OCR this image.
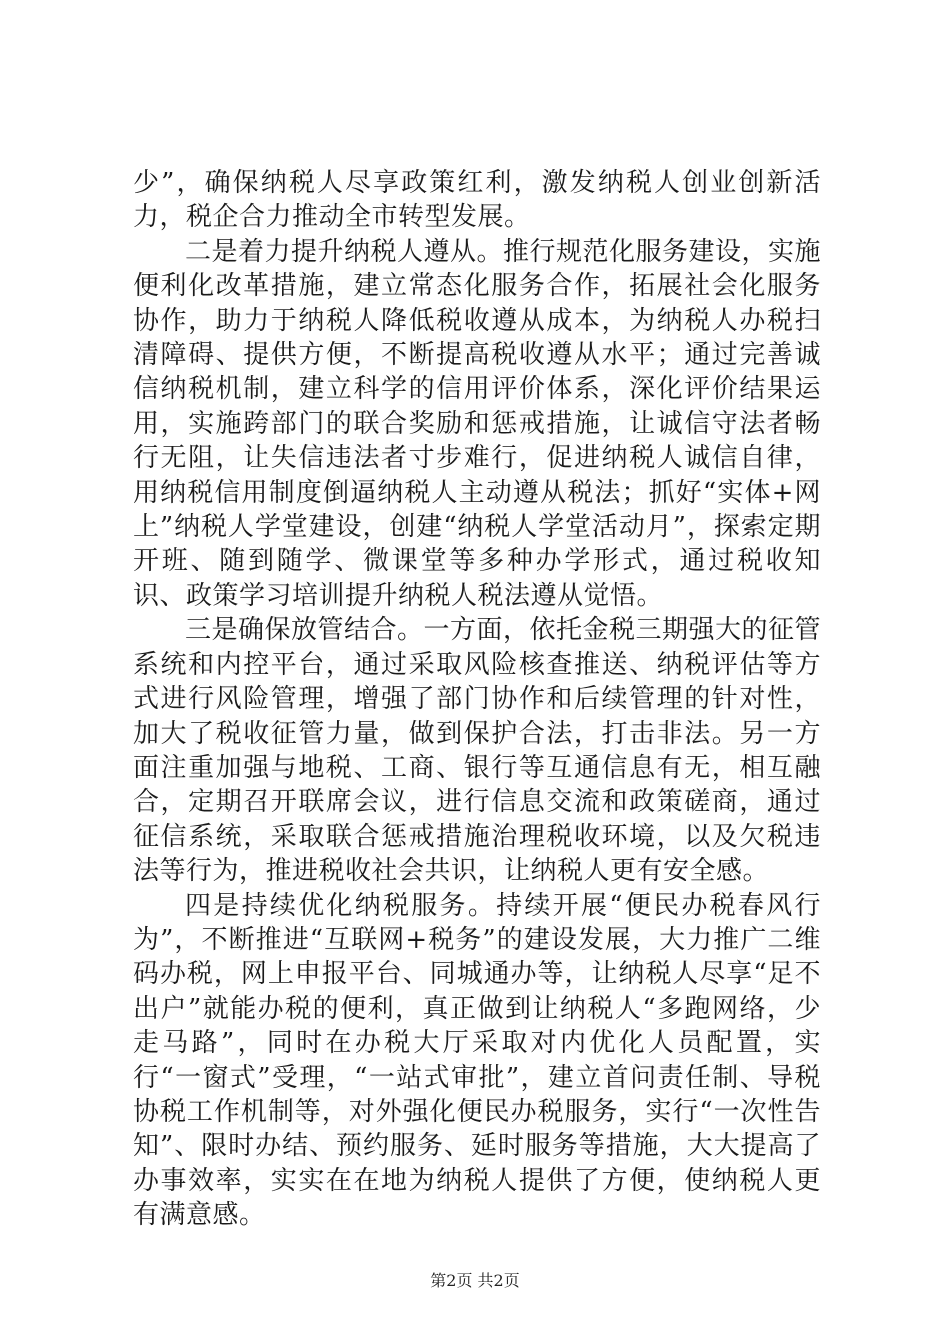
少”，确保纳税人尽享政策红利，激发纳税人创业创新活力，税企合力推动全市转型发展。

二是着力提升纳税人遵从。推行规范化服务建设，实施便利化改革措施，建立常态化服务合作，拓展社会化服务协作，助力于纳税人降低税收遵从成本，为纳税人办税扫清障碍、提供方便，不断提高税收遵从水平；通过完善诚信纳税机制，建立科学的信用评价体系，深化评价结果运用，实施跨部门的联合奖励和惩戒措施，让诚信守法者畅行无阻，让失信违法者寸步难行，促进纳税人诚信自律，用纳税信用制度倒逼纳税人主动遵从税法；抓好“实体+网上”纳税人学堂建设，创建“纳税人学堂活动月”，探索定期开班、随到随学、微课堂等多种办学形式，通过税收知识、政策学习培训提升纳税人税法遵从觉悟。

三是确保放管结合。一方面，依托金税三期强大的征管系统和内控平台，通过采取风险核查推送、纳税评估等方式进行风险管理，增强了部门协作和后续管理的针对性，加大了税收征管力量，做到保护合法，打击非法。另一方面注重加强与地税、工商、银行等互通信息有无，相互融合，定期召开联席会议，进行信息交流和政策磋商，通过征信系统，采取联合惩戒措施治理税收环境，以及欠税违法等行为，推进税收社会共识，让纳税人更有安全感。

四是持续优化纳税服务。持续开展“便民办税春风行为”，不断推进“互联网+税务”的建设发展，大力推广二维码办税，网上申报平台、同城通办等，让纳税人尽享“足不出户”就能办税的便利，真正做到让纳税人“多跑网络，少走马路”，同时在办税大厅采取对内优化人员配置，实行“一窗式”受理，“一站式审批”，建立首问责任制、导税协税工作机制等，对外强化便民办税服务，实行“一次性告知”、限时办结、预约服务、延时服务等措施，大大提高了办事效率，实实在在地为纳税人提供了方便，使纳税人更有满意感。

第2页 共2页
